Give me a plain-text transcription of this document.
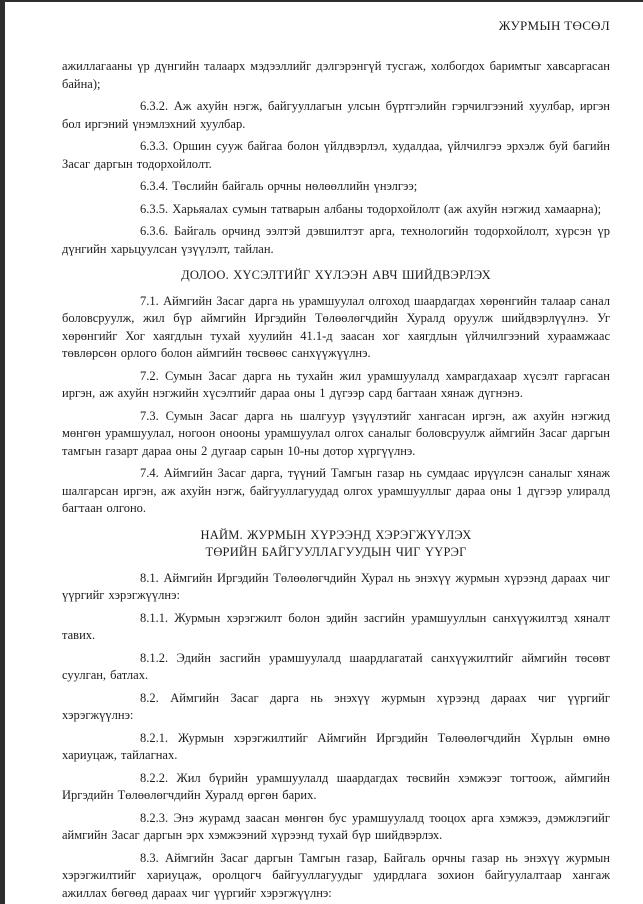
ЖУРМЫН ТӨСӨЛ

ажиллагааны үр дүнгийн талаарх мэдээллийг дэлгэрэнгүй тусгаж, холбогдох баримтыг хавсаргасан байна);

6.3.2. Аж ахуйн нэгж, байгууллагын улсын бүртгэлийн гэрчилгээний хуулбар, иргэн бол иргэний үнэмлэхний хуулбар.

6.3.3. Оршин сууж байгаа болон үйлдвэрлэл, худалдаа, үйлчилгээ эрхэлж буй багийн Засаг даргын тодорхойлолт.

6.3.4. Төслийн байгаль орчны нөлөөллийн үнэлгээ;

6.3.5. Харьяалах сумын татварын албаны тодорхойлолт (аж ахуйн нэгжид хамаарна);

6.3.6. Байгаль орчинд ээлтэй дэвшилтэт арга, технологийн тодорхойлолт, хүрсэн үр дүнгийн харьцуулсан үзүүлэлт, тайлан.

ДОЛОО. ХҮСЭЛТИЙГ ХҮЛЭЭН АВЧ ШИЙДВЭРЛЭХ

7.1. Аймгийн Засаг дарга нь урамшуулал олгоход шаардагдах хөрөнгийн талаар санал боловсруулж, жил бүр аймгийн Иргэдийн Төлөөлөгчдийн Хуралд оруулж шийдвэрлүүлнэ. Уг хөрөнгийг Хог хаягдлын тухай хуулийн 41.1-д заасан хог хаягдлын үйлчилгээний хураамжаас төвлөрсөн орлого болон аймгийн төсвөөс санхүүжүүлнэ.

7.2. Сумын Засаг дарга нь тухайн жил урамшуулалд хамрагдахаар хүсэлт гаргасан иргэн, аж ахуйн нэгжийн хүсэлтийг дараа оны 1 дүгээр сард багтаан хянаж дүгнэнэ.

7.3. Сумын Засаг дарга нь шалгуур үзүүлэтийг хангасан иргэн, аж ахуйн нэгжид мөнгөн урамшуулал, ногоон онооны урамшуулал олгох саналыг боловсруулж аймгийн Засаг даргын тамгын газарт дараа оны 2 дугаар сарын 10-ны дотор хүргүүлнэ.

7.4. Аймгийн Засаг дарга, түүний Тамгын газар нь сумдаас ирүүлсэн саналыг хянаж шалгарсан иргэн, аж ахуйн нэгж, байгууллагуудад олгох урамшууллыг дараа оны 1 дүгээр улиралд багтаан олгоно.

НАЙМ. ЖУРМЫН ХҮРЭЭНД ХЭРЭГЖҮҮЛЭХ
ТӨРИЙН БАЙГУУЛЛАГУУДЫН ЧИГ ҮҮРЭГ

8.1. Аймгийн Иргэдийн Төлөөлөгчдийн Хурал нь энэхүү журмын хүрээнд дараах чиг үүргийг хэрэгжүүлнэ:

8.1.1. Журмын хэрэгжилт болон эдийн засгийн урамшууллын санхүүжилтэд хяналт тавих.

8.1.2. Эдийн засгийн урамшуулалд шаардлагатай санхүүжилтийг аймгийн төсөвт суулган, батлах.

8.2. Аймгийн Засаг дарга нь энэхүү журмын хүрээнд дараах чиг үүргийг хэрэгжүүлнэ:

8.2.1. Журмын хэрэгжилтийг Аймгийн Иргэдийн Төлөөлөгчдийн Хүрлын өмнө хариуцаж, тайлагнах.

8.2.2. Жил бүрийн урамшуулалд шаардагдах төсвийн хэмжээг тогтоож, аймгийн Иргэдийн Төлөөлөгчдийн Хуралд өргөн барих.

8.2.3. Энэ журамд заасан мөнгөн бус урамшуулалд тооцох арга хэмжээ, дэмжлэгийг аймгийн Засаг даргын эрх хэмжээний хүрээнд тухай бүр шийдвэрлэх.

8.3. Аймгийн Засаг даргын Тамгын газар, Байгаль орчны газар нь энэхүү журмын хэрэгжилтийг хариуцаж, оролцогч байгууллагуудыг удирдлага зохион байгуулалтаар хангаж ажиллах бөгөөд дараах чиг үүргийг хэрэгжүүлнэ:
